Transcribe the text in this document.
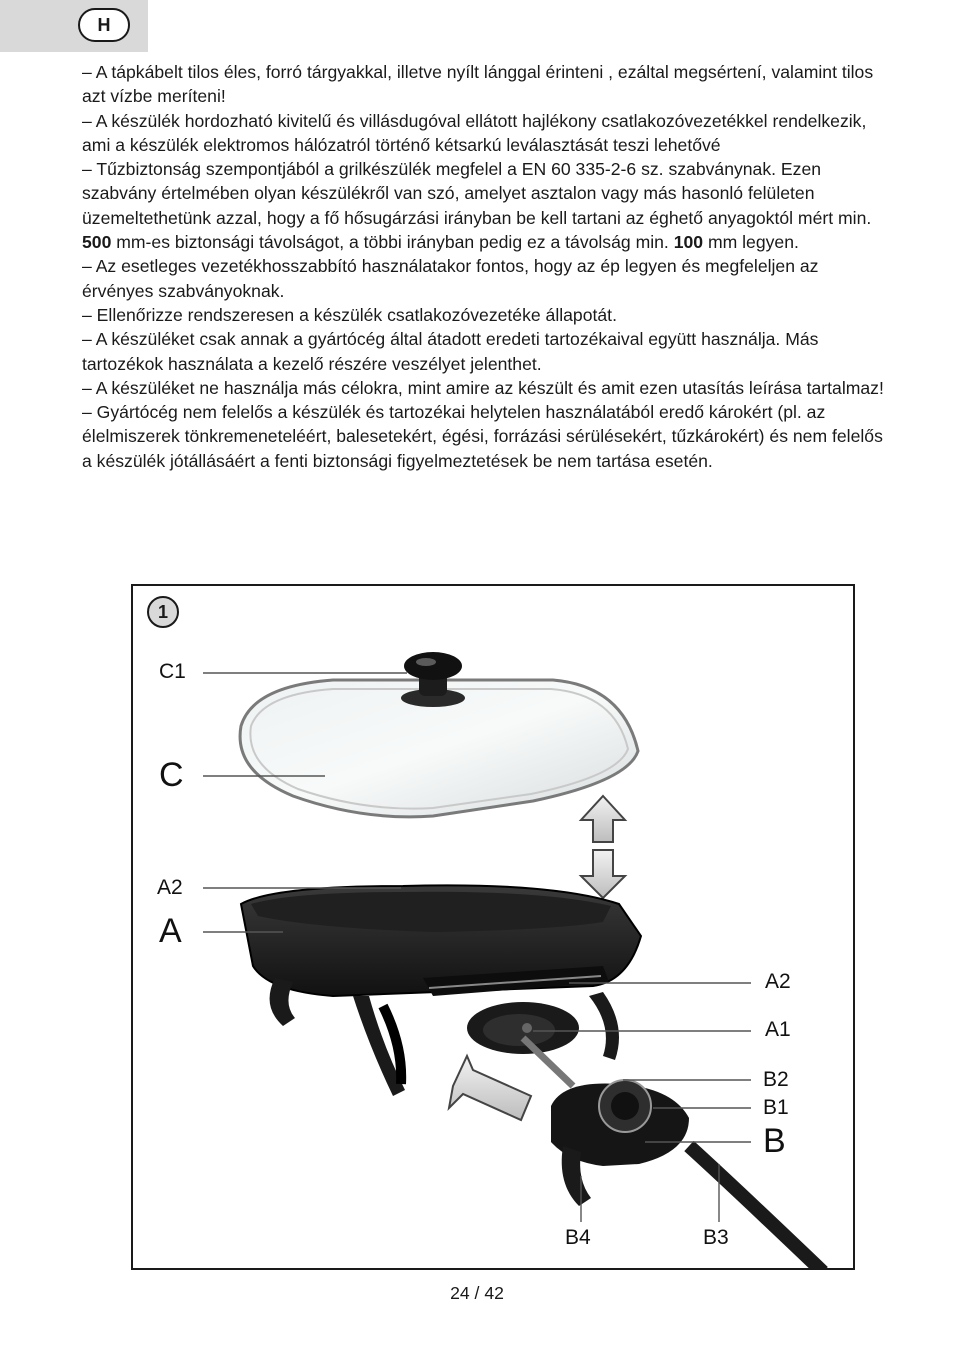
H
– A tápkábelt tilos éles, forró tárgyakkal, illetve nyílt lánggal érinteni , ezáltal megsértení, valamint tilos azt vízbe meríteni!
– A készülék hordozható kivitelű és villásdugóval ellátott hajlékony csatlakozóvezetékkel rendelkezik, ami a készülék elektromos hálózatról történő kétsarkú leválasztását teszi lehetővé
– Tűzbiztonság szempontjából a grilkészülék megfelel a EN 60 335-2-6 sz. szabványnak. Ezen szabvány értelmében olyan készülékről van szó, amelyet asztalon vagy más hasonló felületen üzemeltethetünk azzal, hogy a fő hősugárzási irányban be kell tartani az éghető anyagoktól mért min. 500 mm-es biztonsági távolságot, a többi irányban pedig ez a távolság min. 100 mm legyen.
– Az esetleges vezetékhosszabbító használatakor fontos, hogy az ép legyen és megfeleljen az érvényes szabványoknak.
– Ellenőrizze rendszeresen a készülék csatlakozóvezetéke állapotát.
– A készüléket csak annak a gyártócég által átadott eredeti tartozékaival együtt használja. Más tartozékok használata a kezelő részére veszélyet jelenthet.
– A készüléket ne használja más célokra, mint amire az készült és amit ezen utasítás leírása tartalmaz!
– Gyártócég nem felelős a készülék és tartozékai helytelen használatából eredő károkért (pl. az élelmiszerek tönkremeneteléért, balesetekért, égési, forrázási sérülésekért, tűzkárokért) és nem felelős a készülék jótállásáért a fenti biztonsági figyelmeztetések be nem tartása esetén.
1
C1
C
A2
A
A2
A1
B2
B1
B
B4	B3
24 / 42
